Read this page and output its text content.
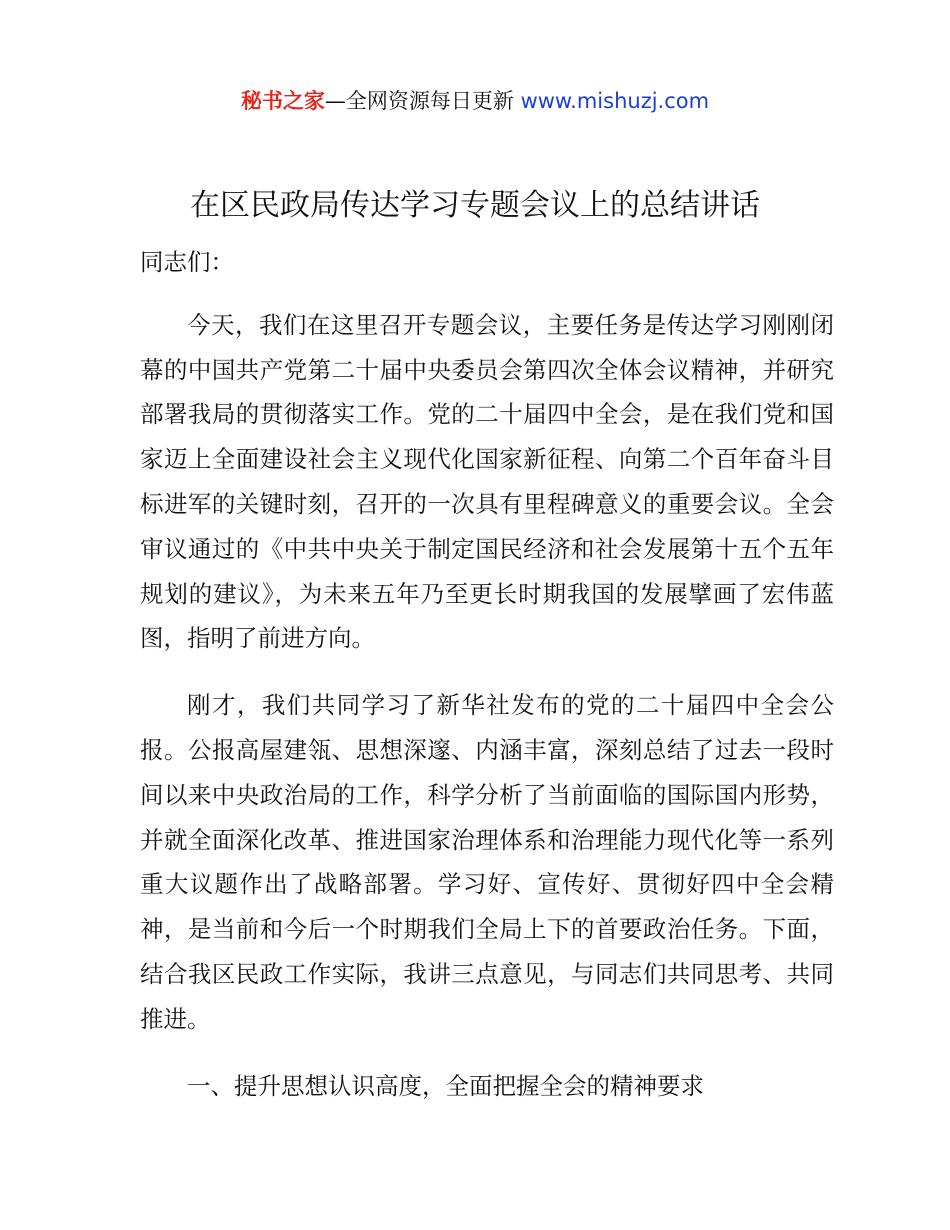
秘书之家—全网资源每日更新 www.mishuzj.com
在区民政局传达学习专题会议上的总结讲话

同志们：

今天，我们在这里召开专题会议，主要任务是传达学习刚刚闭幕的中国共产党第二十届中央委员会第四次全体会议精神，并研究部署我局的贯彻落实工作。党的二十届四中全会，是在我们党和国家迈上全面建设社会主义现代化国家新征程、向第二个百年奋斗目标进军的关键时刻，召开的一次具有里程碑意义的重要会议。全会审议通过的《中共中央关于制定国民经济和社会发展第十五个五年规划的建议》，为未来五年乃至更长时期我国的发展擘画了宏伟蓝图，指明了前进方向。

刚才，我们共同学习了新华社发布的党的二十届四中全会公报。公报高屋建瓴、思想深邃、内涵丰富，深刻总结了过去一段时间以来中央政治局的工作，科学分析了当前面临的国际国内形势，并就全面深化改革、推进国家治理体系和治理能力现代化等一系列重大议题作出了战略部署。学习好、宣传好、贯彻好四中全会精神，是当前和今后一个时期我们全局上下的首要政治任务。下面，结合我区民政工作实际，我讲三点意见，与同志们共同思考、共同推进。

一、提升思想认识高度，全面把握全会的精神要求
